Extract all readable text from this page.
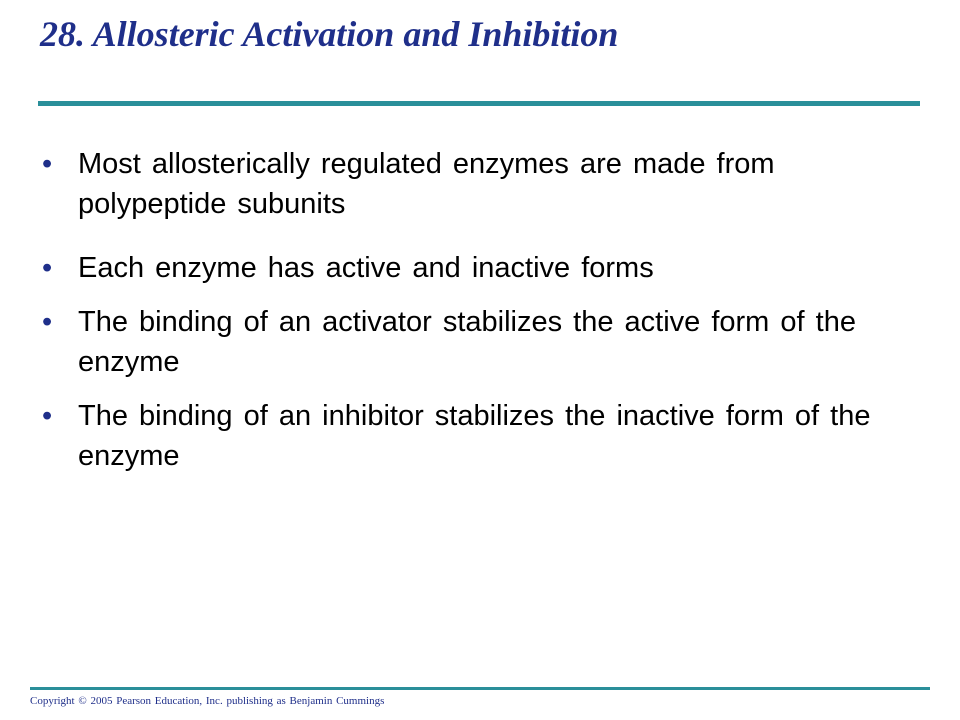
28. Allosteric Activation and Inhibition
• Most allosterically regulated enzymes are made from polypeptide subunits
• Each enzyme has active and inactive forms
• The binding of an activator stabilizes the active form of the enzyme
• The binding of an inhibitor stabilizes the inactive form of the enzyme

Copyright © 2005 Pearson Education, Inc. publishing as Benjamin Cummings
